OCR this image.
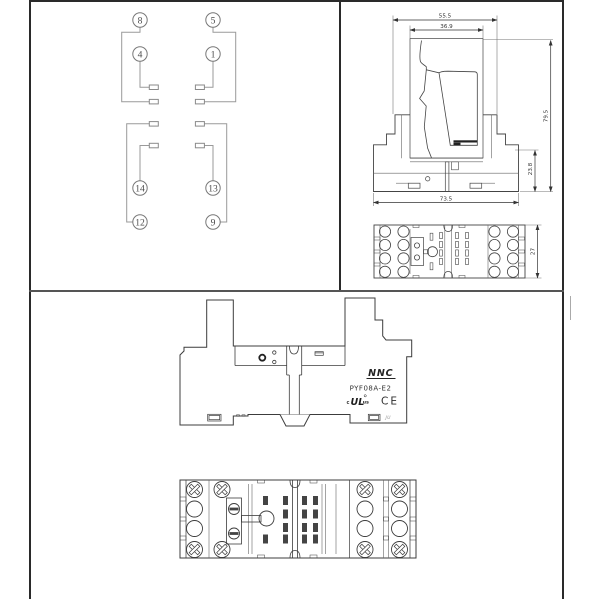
8	5
4	1
14	13
12	9
55.5
36.9
79.5
23.8
73.5
27
NNC
PYF08A-E2
c UL
us CE
JU
